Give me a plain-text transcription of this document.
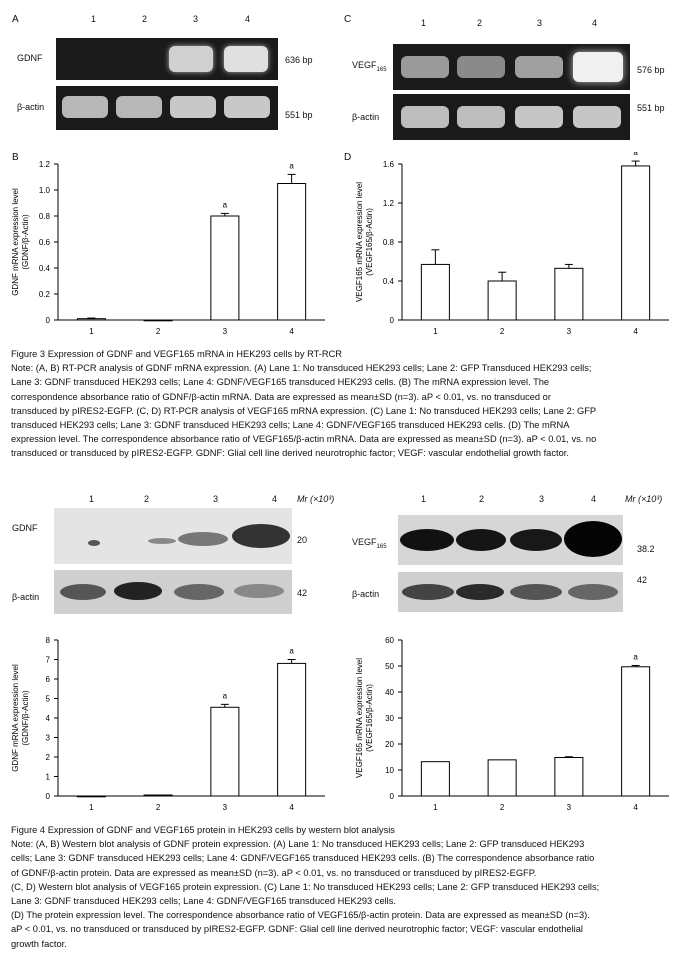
A	1	2	3	4
GDNF	636 bp
β-actin
551 bp
C	1	2	3	4
$VEGF_{165}$	576 bp
β-actin
551 bp
B
0
0.2
0.4
0.6
0.8
1.0
1.2
GDNF mRNA expression level (GDNF/β-Actin)
1	2
a
3
a
4
D
0
0.4
0.8
1.2
1.6
VEGF165 mRNA expression level (VEGF165/β-Actin)
1	2	3
a
4
Figure 3 Expression of GDNF and VEGF165 mRNA in HEK293 cells by RT-RCR
Note: (A, B) RT-PCR analysis of GDNF mRNA expression. (A) Lane 1: No transduced HEK293 cells; Lane 2: GFP Transduced HEK293 cells;
Lane 3: GDNF transduced HEK293 cells; Lane 4: GDNF/VEGF165 transduced HEK293 cells. (B) The mRNA expression level. The
correspondence absorbance ratio of GDNF/β-actin mRNA. Data are expressed as mean±SD (n=3). aP < 0.01, vs. no transduced or
transduced by pIRES2-EGFP. (C, D) RT-PCR analysis of VEGF165 mRNA expression. (C) Lane 1: No transduced HEK293 cells; Lane 2: GFP
transduced HEK293 cells; Lane 3: GDNF transduced HEK293 cells; Lane 4: GDNF/VEGF165 transduced HEK293 cells. (D) The mRNA
expression level. The correspondence absorbance ratio of VEGF165/β-actin mRNA. Data are expressed as mean±SD (n=3). aP < 0.01, vs. no
transduced or transduced by pIRES2-EGFP. GDNF: Glial cell line derived neurotrophic factor; VEGF: vascular endothelial growth factor.
1	2	3	4 Mr (×10³)
GDNF
20
β-actin	42
1	2	3	4	Mr (×10³)
$VEGF_{165}$	38.2
β-actin
42
0
1
2
3
4
5
6
7
8
GDNF mRNA expression level (GDNF/β-Actin)
1	2
a
3
a
4
0
10
20
30
40
50
60
VEGF165 mRNA expression level (VEGF165/β-Actin)
1	2	3
a
4
Figure 4 Expression of GDNF and VEGF165 protein in HEK293 cells by western blot analysis
Note: (A, B) Western blot analysis of GDNF protein expression. (A) Lane 1: No transduced HEK293 cells; Lane 2: GFP transduced HEK293
cells; Lane 3: GDNF transduced HEK293 cells; Lane 4: GDNF/VEGF165 transduced HEK293 cells. (B) The correspondence absorbance ratio
of GDNF/β-actin protein. Data are expressed as mean±SD (n=3). aP < 0.01, vs. no transduced or transduced by pIRES2-EGFP.
(C, D) Western blot analysis of VEGF165 protein expression. (C) Lane 1: No transduced HEK293 cells; Lane 2: GFP transduced HEK293 cells;
Lane 3: GDNF transduced HEK293 cells; Lane 4: GDNF/VEGF165 transduced HEK293 cells.
(D) The protein expression level. The correspondence absorbance ratio of VEGF165/β-actin protein. Data are expressed as mean±SD (n=3).
aP < 0.01, vs. no transduced or transduced by pIRES2-EGFP. GDNF: Glial cell line derived neurotrophic factor; VEGF: vascular endothelial
growth factor.
